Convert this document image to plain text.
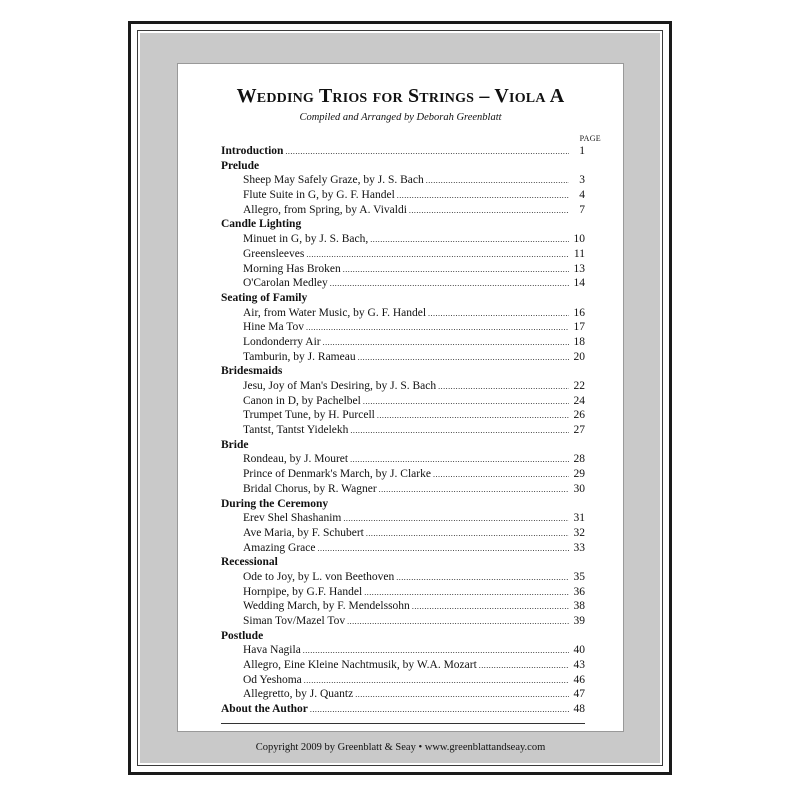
Wedding Trios for Strings – Viola A
Compiled and Arranged by Deborah Greenblatt
PAGE
Introduction .....	1
Prelude
Sheep May Safely Graze, by J. S. Bach .....	3
Flute Suite in G, by G. F. Handel .....	4
Allegro, from Spring, by A. Vivaldi .....	7
Candle Lighting
Minuet in G, by J. S. Bach, .....	10
Greensleeves .....	11
Morning Has Broken .....	13
O'Carolan Medley .....	14
Seating of Family
Air, from Water Music, by G. F. Handel .....	16
Hine Ma Tov .....	17
Londonderry Air .....	18
Tamburin, by J. Rameau .....	20
Bridesmaids
Jesu, Joy of Man's Desiring, by J. S. Bach .....	22
Canon in D, by Pachelbel .....	24
Trumpet Tune, by H. Purcell .....	26
Tantst, Tantst Yidelekh .....	27
Bride
Rondeau, by J. Mouret .....	28
Prince of Denmark's March, by J. Clarke .....	29
Bridal Chorus, by R. Wagner .....	30
During the Ceremony
Erev Shel Shashanim .....	31
Ave Maria, by F. Schubert .....	32
Amazing Grace .....	33
Recessional
Ode to Joy, by L. von Beethoven .....	35
Hornpipe, by G.F. Handel .....	36
Wedding March, by F. Mendelssohn .....	38
Siman Tov/Mazel Tov .....	39
Postlude
Hava Nagila .....	40
Allegro, Eine Kleine Nachtmusik, by W.A. Mozart .....	43
Od Yeshoma .....	46
Allegretto, by J. Quantz .....	47
About the Author .....	48
Copyright 2009 by Greenblatt & Seay • www.greenblattandseay.com
